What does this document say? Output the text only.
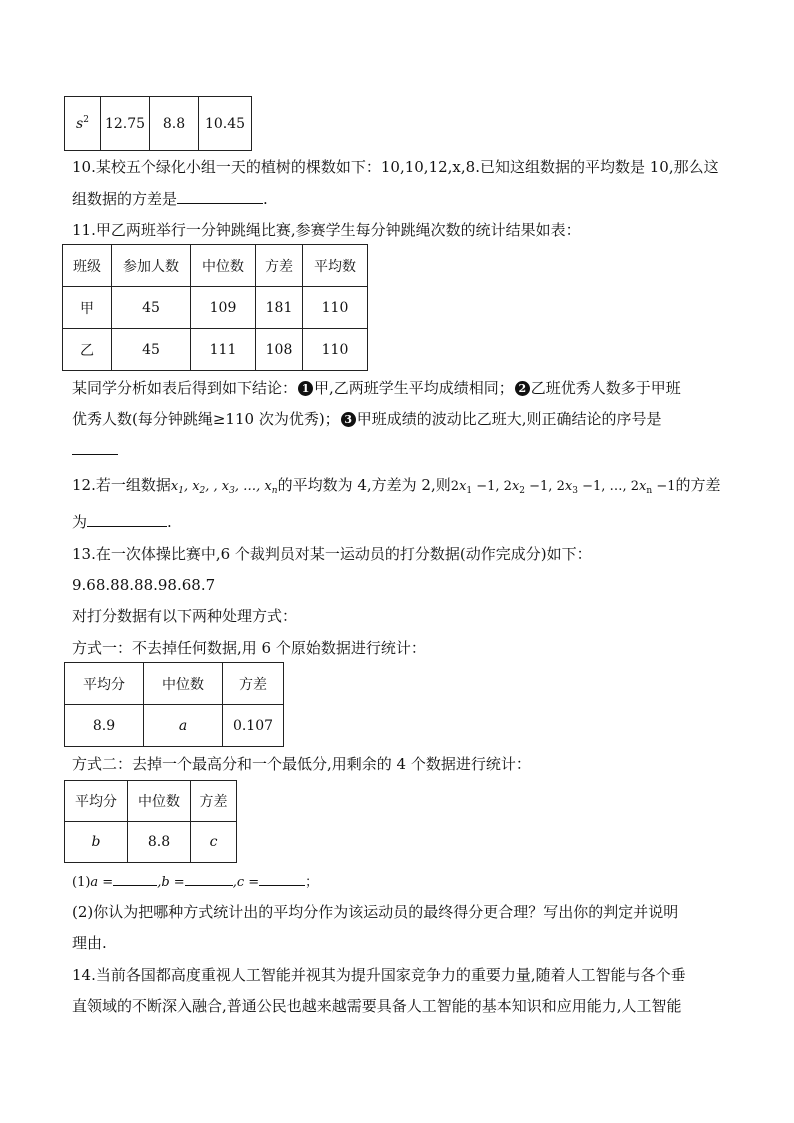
$s^2$	12.75	8.8	10.45
10.某校五个绿化小组一天的植树的棵数如下：10,10,12,x,8.已知这组数据的平均数是 10,那么这
组数据的方差是	.
11.甲乙两班举行一分钟跳绳比赛,参赛学生每分钟跳绳次数的统计结果如表：
班级	参加人数	中位数	方差	平均数
甲	45	109	181	110
乙	45	111	108	110
某同学分析如表后得到如下结论： 1 甲,乙两班学生平均成绩相同； 2 乙班优秀人数多于甲班
优秀人数(每分钟跳绳≥110 次为优秀)； 3 甲班成绩的波动比乙班大,则正确结论的序号是
12.若一组数据$x_1$, $x_2$, , $x_3$, …, $x_n$的平均数为 4,方差为 2,则$2x_1 -1$, $2x_2 -1$, $2x_3 -1$, …, $2x_n -1$的方差
为	.
13.在一次体操比赛中,6 个裁判员对某一运动员的打分数据(动作完成分)如下：
9.68.88.88.98.68.7
对打分数据有以下两种处理方式：
方式一：不去掉任何数据,用 6 个原始数据进行统计：
平均分	中位数	方差
8.9	a	0.107
方式二：去掉一个最高分和一个最低分,用剩余的 4 个数据进行统计：
平均分	中位数	方差
b	8.8	c
(1)a =	,b =	,c =	；
(2)你认为把哪种方式统计出的平均分作为该运动员的最终得分更合理？写出你的判定并说明
理由.
14.当前各国都高度重视人工智能并视其为提升国家竞争力的重要力量,随着人工智能与各个垂
直领域的不断深入融合,普通公民也越来越需要具备人工智能的基本知识和应用能力,人工智能
